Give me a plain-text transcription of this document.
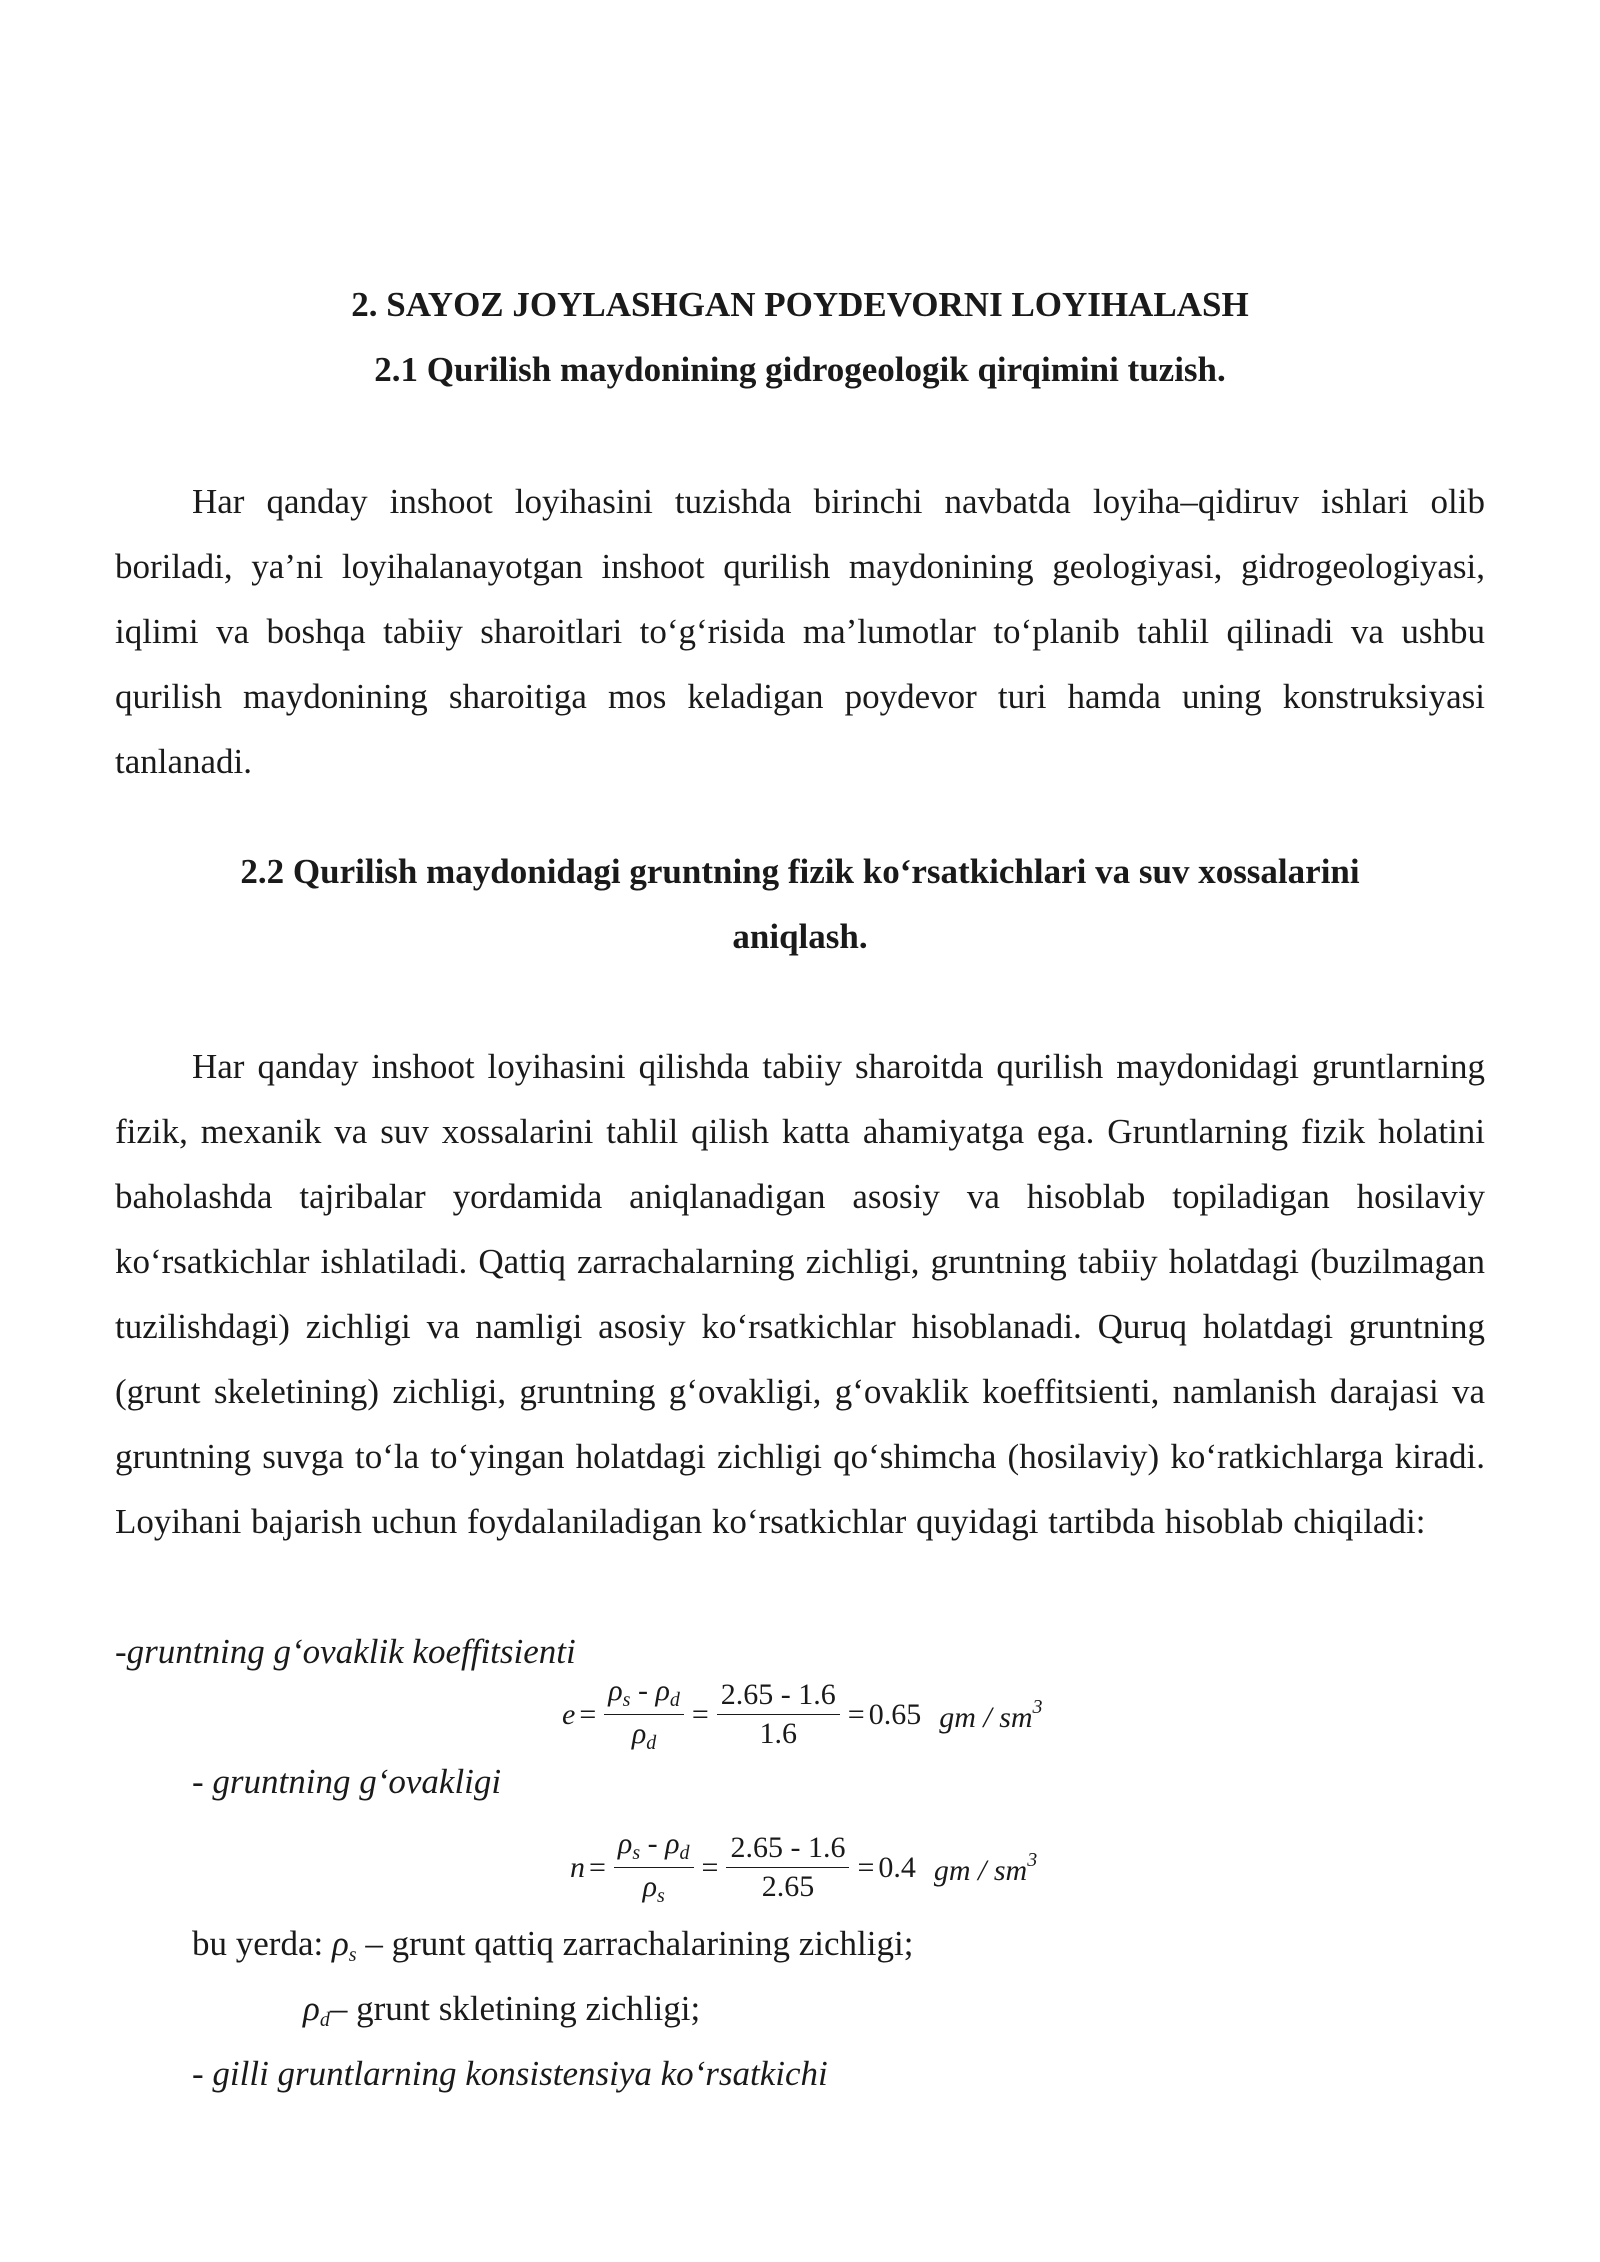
2. SAYOZ JOYLASHGAN POYDEVORNI LOYIHALASH
2.1 Qurilish maydonining gidrogeologik qirqimini tuzish.

Har qanday inshoot loyihasini tuzishda birinchi navbatda loyiha–qidiruv ishlari olib boriladi, ya’ni loyihalanayotgan inshoot qurilish maydonining geologiyasi, gidrogeologiyasi, iqlimi va boshqa tabiiy sharoitlari to‘g‘risida ma’lumotlar to‘planib tahlil qilinadi va ushbu qurilish maydonining sharoitiga mos keladigan poydevor turi hamda uning konstruksiyasi tanlanadi.

2.2 Qurilish maydonidagi gruntning fizik ko‘rsatkichlari va suv xossalarini
aniqlash.

Har qanday inshoot loyihasini qilishda tabiiy sharoitda qurilish maydonidagi gruntlarning fizik, mexanik va suv xossalarini tahlil qilish katta ahamiyatga ega. Gruntlarning fizik holatini baholashda tajribalar yordamida aniqlanadigan asosiy va hisoblab topiladigan hosilaviy ko‘rsatkichlar ishlatiladi. Qattiq zarrachalarning zichligi, gruntning tabiiy holatdagi (buzilmagan tuzilishdagi) zichligi va namligi asosiy ko‘rsatkichlar hisoblanadi. Quruq holatdagi gruntning (grunt skeletining) zichligi, gruntning g‘ovakligi, g‘ovaklik koeffitsienti, namlanish darajasi va gruntning suvga to‘la to‘yingan holatdagi zichligi qo‘shimcha (hosilaviy) ko‘ratkichlarga kiradi. Loyihani bajarish uchun foydalaniladigan ko‘rsatkichlar quyidagi tartibda hisoblab chiqiladi:

-gruntning g‘ovaklik koeffitsienti

$e = \frac{\rho_s - \rho_d}{\rho_d} = \frac{2.65 - 1.6}{1.6} = 0.65$ gm / $sm^3$

- gruntning g‘ovakligi

$n = \frac{\rho_s - \rho_d}{\rho_s} = \frac{2.65 - 1.6}{2.65} = 0.4$ gm / $sm^3$

bu yerda: $\rho_s$ – grunt qattiq zarrachalarining zichligi;

$\rho_d-$ grunt skletining zichligi;

- gilli gruntlarning konsistensiya ko‘rsatkichi
